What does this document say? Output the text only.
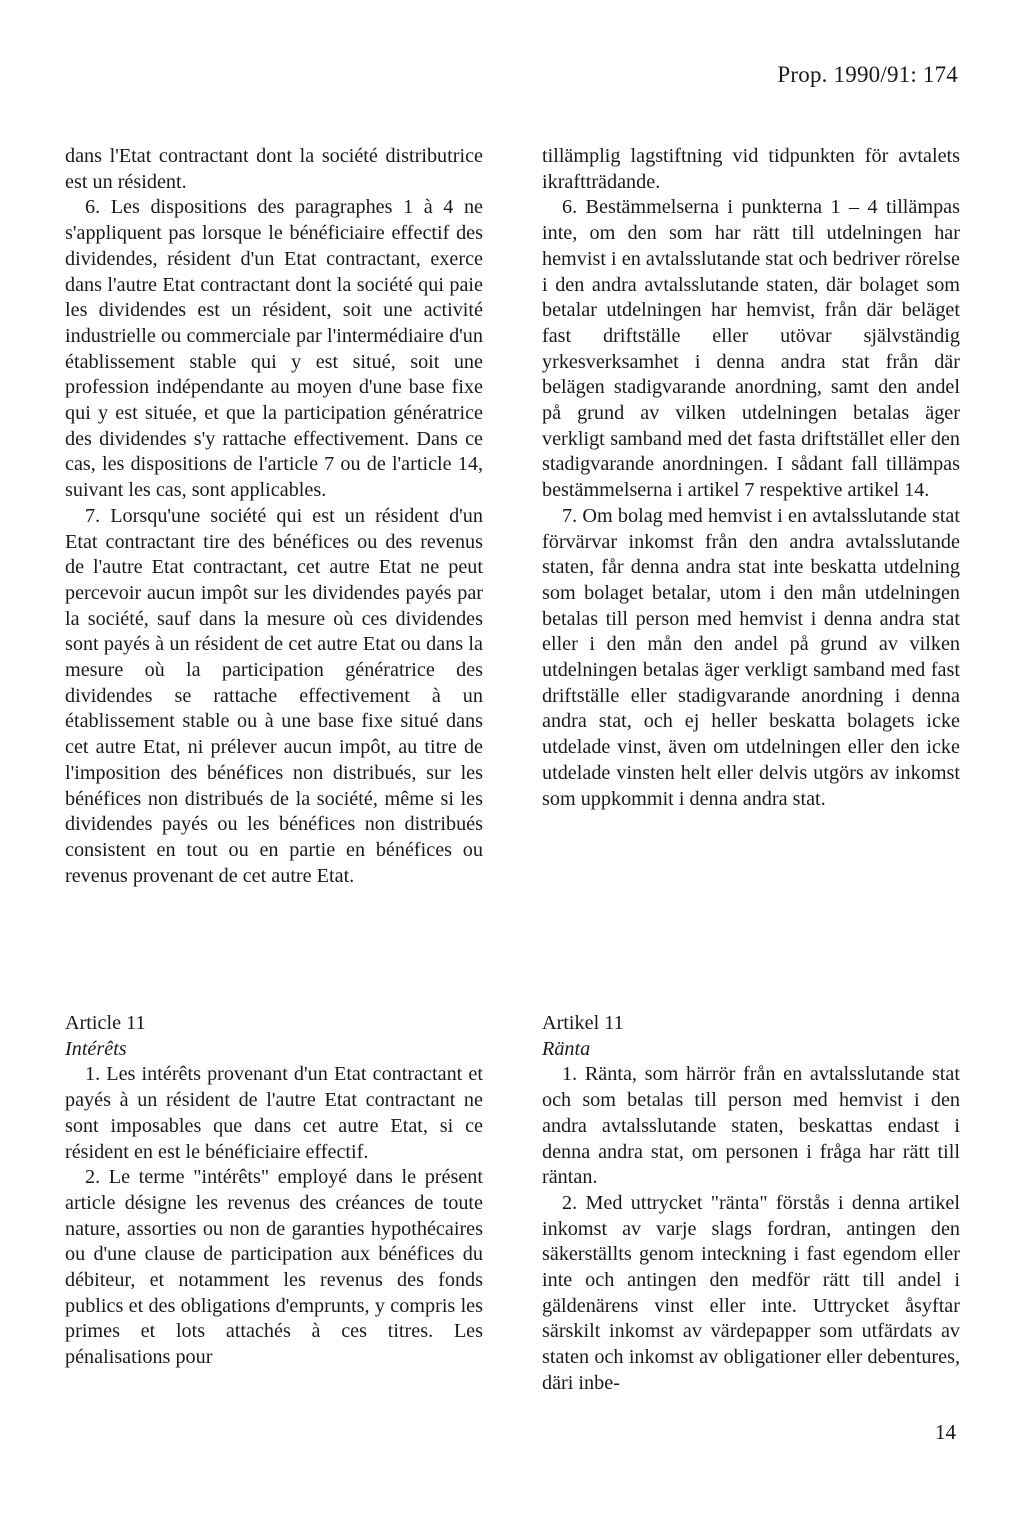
Prop. 1990/91: 174

dans l'Etat contractant dont la société distributrice est un résident.

6. Les dispositions des paragraphes 1 à 4 ne s'appliquent pas lorsque le bénéficiaire effectif des dividendes, résident d'un Etat contractant, exerce dans l'autre Etat contractant dont la société qui paie les dividendes est un résident, soit une activité industrielle ou commerciale par l'intermédiaire d'un établissement stable qui y est situé, soit une profession indépendante au moyen d'une base fixe qui y est située, et que la participation génératrice des dividendes s'y rattache effectivement. Dans ce cas, les dispositions de l'article 7 ou de l'article 14, suivant les cas, sont applicables.

7. Lorsqu'une société qui est un résident d'un Etat contractant tire des bénéfices ou des revenus de l'autre Etat contractant, cet autre Etat ne peut percevoir aucun impôt sur les dividendes payés par la société, sauf dans la mesure où ces dividendes sont payés à un résident de cet autre Etat ou dans la mesure où la participation génératrice des dividendes se rattache effectivement à un établissement stable ou à une base fixe situé dans cet autre Etat, ni prélever aucun impôt, au titre de l'imposition des bénéfices non distribués, sur les bénéfices non distribués de la société, même si les dividendes payés ou les bénéfices non distribués consistent en tout ou en partie en bénéfices ou revenus provenant de cet autre Etat.

tillämplig lagstiftning vid tidpunkten för avtalets ikraftträdande.

6. Bestämmelserna i punkterna 1 – 4 tillämpas inte, om den som har rätt till utdelningen har hemvist i en avtalsslutande stat och bedriver rörelse i den andra avtalsslutande staten, där bolaget som betalar utdelningen har hemvist, från där beläget fast driftställe eller utövar självständig yrkesverksamhet i denna andra stat från där belägen stadigvarande anordning, samt den andel på grund av vilken utdelningen betalas äger verkligt samband med det fasta driftstället eller den stadigvarande anordningen. I sådant fall tillämpas bestämmelserna i artikel 7 respektive artikel 14.

7. Om bolag med hemvist i en avtalsslutande stat förvärvar inkomst från den andra avtalsslutande staten, får denna andra stat inte beskatta utdelning som bolaget betalar, utom i den mån utdelningen betalas till person med hemvist i denna andra stat eller i den mån den andel på grund av vilken utdelningen betalas äger verkligt samband med fast driftställe eller stadigvarande anordning i denna andra stat, och ej heller beskatta bolagets icke utdelade vinst, även om utdelningen eller den icke utdelade vinsten helt eller delvis utgörs av inkomst som uppkommit i denna andra stat.

Article 11

Intérêts

1. Les intérêts provenant d'un Etat contractant et payés à un résident de l'autre Etat contractant ne sont imposables que dans cet autre Etat, si ce résident en est le bénéficiaire effectif.

2. Le terme "intérêts" employé dans le présent article désigne les revenus des créances de toute nature, assorties ou non de garanties hypothécaires ou d'une clause de participation aux bénéfices du débiteur, et notamment les revenus des fonds publics et des obligations d'emprunts, y compris les primes et lots attachés à ces titres. Les pénalisations pour

Artikel 11

Ränta

1. Ränta, som härrör från en avtalsslutande stat och som betalas till person med hemvist i den andra avtalsslutande staten, beskattas endast i denna andra stat, om personen i fråga har rätt till räntan.

2. Med uttrycket "ränta" förstås i denna artikel inkomst av varje slags fordran, antingen den säkerställts genom inteckning i fast egendom eller inte och antingen den medför rätt till andel i gäldenärens vinst eller inte. Uttrycket åsyftar särskilt inkomst av värdepapper som utfärdats av staten och inkomst av obligationer eller debentures, däri inbe-

14
